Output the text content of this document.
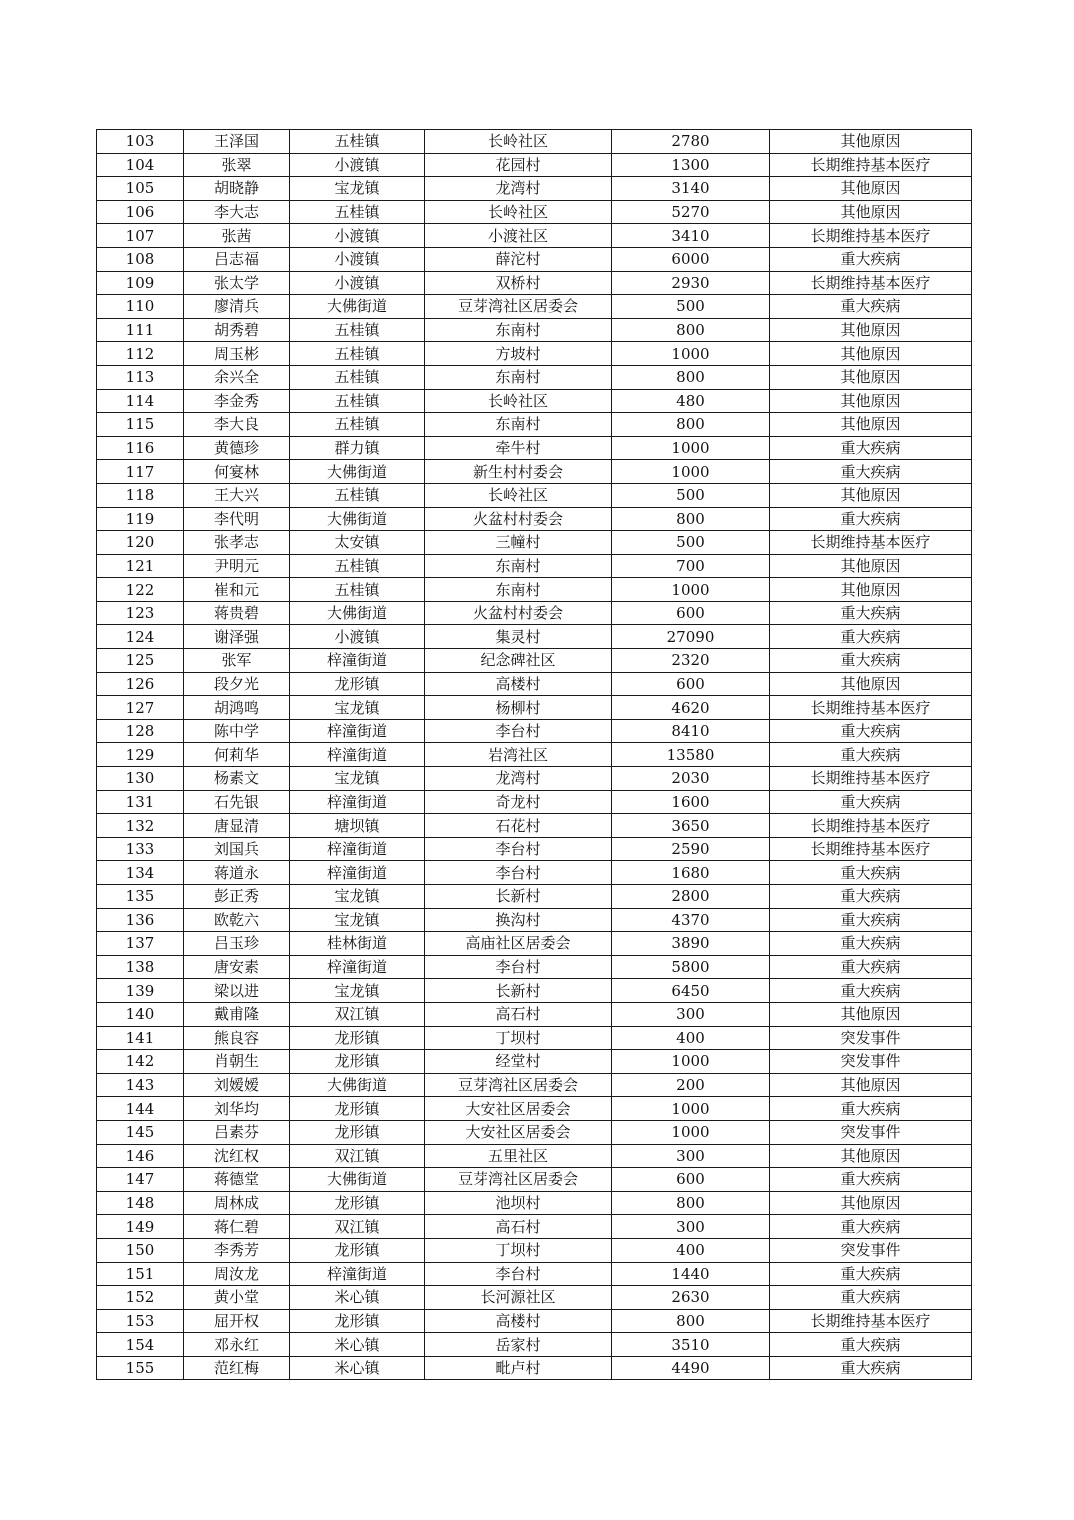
103	王泽国	五桂镇	长岭社区	2780	其他原因
104	张翠	小渡镇	花园村	1300	长期维持基本医疗
105	胡晓静	宝龙镇	龙湾村	3140	其他原因
106	李大志	五桂镇	长岭社区	5270	其他原因
107	张茜	小渡镇	小渡社区	3410	长期维持基本医疗
108	吕志福	小渡镇	薛沱村	6000	重大疾病
109	张太学	小渡镇	双桥村	2930	长期维持基本医疗
110	廖清兵	大佛街道	豆芽湾社区居委会	500	重大疾病
111	胡秀碧	五桂镇	东南村	800	其他原因
112	周玉彬	五桂镇	方坡村	1000	其他原因
113	余兴全	五桂镇	东南村	800	其他原因
114	李金秀	五桂镇	长岭社区	480	其他原因
115	李大良	五桂镇	东南村	800	其他原因
116	黄德珍	群力镇	牵牛村	1000	重大疾病
117	何宴林	大佛街道	新生村村委会	1000	重大疾病
118	王大兴	五桂镇	长岭社区	500	其他原因
119	李代明	大佛街道	火盆村村委会	800	重大疾病
120	张孝志	太安镇	三幢村	500	长期维持基本医疗
121	尹明元	五桂镇	东南村	700	其他原因
122	崔和元	五桂镇	东南村	1000	其他原因
123	蒋贵碧	大佛街道	火盆村村委会	600	重大疾病
124	谢泽强	小渡镇	集灵村	27090	重大疾病
125	张军	梓潼街道	纪念碑社区	2320	重大疾病
126	段夕光	龙形镇	高楼村	600	其他原因
127	胡鸿鸣	宝龙镇	杨柳村	4620	长期维持基本医疗
128	陈中学	梓潼街道	李台村	8410	重大疾病
129	何莉华	梓潼街道	岩湾社区	13580	重大疾病
130	杨素文	宝龙镇	龙湾村	2030	长期维持基本医疗
131	石先银	梓潼街道	奇龙村	1600	重大疾病
132	唐显清	塘坝镇	石花村	3650	长期维持基本医疗
133	刘国兵	梓潼街道	李台村	2590	长期维持基本医疗
134	蒋道永	梓潼街道	李台村	1680	重大疾病
135	彭正秀	宝龙镇	长新村	2800	重大疾病
136	欧乾六	宝龙镇	换沟村	4370	重大疾病
137	吕玉珍	桂林街道	高庙社区居委会	3890	重大疾病
138	唐安素	梓潼街道	李台村	5800	重大疾病
139	梁以进	宝龙镇	长新村	6450	重大疾病
140	戴甫隆	双江镇	高石村	300	其他原因
141	熊良容	龙形镇	丁坝村	400	突发事件
142	肖朝生	龙形镇	经堂村	1000	突发事件
143	刘嫒嫒	大佛街道	豆芽湾社区居委会	200	其他原因
144	刘华均	龙形镇	大安社区居委会	1000	重大疾病
145	吕素芬	龙形镇	大安社区居委会	1000	突发事件
146	沈红权	双江镇	五里社区	300	其他原因
147	蒋德堂	大佛街道	豆芽湾社区居委会	600	重大疾病
148	周林成	龙形镇	池坝村	800	其他原因
149	蒋仁碧	双江镇	高石村	300	重大疾病
150	李秀芳	龙形镇	丁坝村	400	突发事件
151	周汝龙	梓潼街道	李台村	1440	重大疾病
152	黄小堂	米心镇	长河源社区	2630	重大疾病
153	屈开权	龙形镇	高楼村	800	长期维持基本医疗
154	邓永红	米心镇	岳家村	3510	重大疾病
155	范红梅	米心镇	毗卢村	4490	重大疾病
